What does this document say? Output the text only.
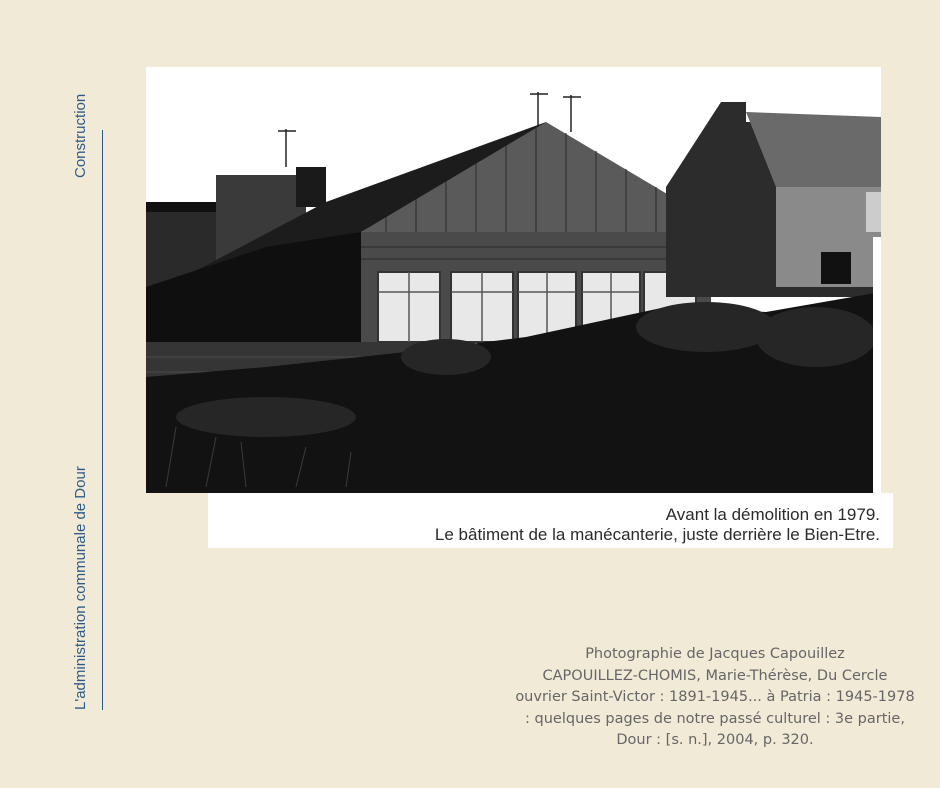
Construction
L'administration communale de Dour	Avant la démolition en 1979.
Le bâtiment de la manécanterie, juste derrière le Bien-Etre.
Photographie de Jacques Capouillez
CAPOUILLEZ-CHOMIS, Marie-Thérèse, Du Cercle
ouvrier Saint-Victor : 1891-1945... à Patria : 1945-1978
: quelques pages de notre passé culturel : 3e partie,
Dour : [s. n.], 2004, p. 320.
